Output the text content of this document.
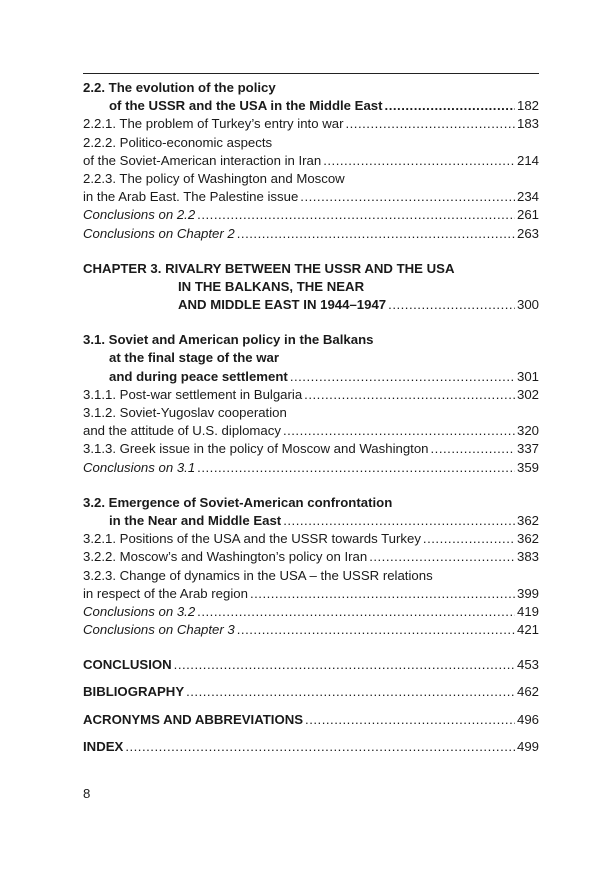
2.2. The evolution of the policy
of the USSR and the USA in the Middle East .....	182
2.2.1. The problem of Turkey’s entry into war .....	183
2.2.2. Politico-economic aspects
of the Soviet-American interaction in Iran .....	214
2.2.3. The policy of Washington and Moscow
in the Arab East. The Palestine issue .....	234
Conclusions on 2.2 .....	261
Conclusions on Chapter 2 .....	263
CHAPTER 3. RIVALRY BETWEEN THE USSR AND THE USA
IN THE BALKANS, THE NEAR
AND MIDDLE EAST IN 1944–1947 .....	300
3.1. Soviet and American policy in the Balkans
at the final stage of the war
and during peace settlement .....	301
3.1.1. Post-war settlement in Bulgaria .....	302
3.1.2. Soviet-Yugoslav cooperation
and the attitude of U.S. diplomacy .....	320
3.1.3. Greek issue in the policy of Moscow and Washington .....	337
Conclusions on 3.1 .....	359
3.2. Emergence of Soviet-American confrontation
in the Near and Middle East .....	362
3.2.1. Positions of the USA and the USSR towards Turkey .....	362
3.2.2. Moscow’s and Washington’s policy on Iran .....	383
3.2.3. Change of dynamics in the USA – the USSR relations
in respect of the Arab region .....	399
Conclusions on 3.2 .....	419
Conclusions on Chapter 3 .....	421
CONCLUSION .....	453
BIBLIOGRAPHY .....	462
ACRONYMS AND ABBREVIATIONS .....	496
INDEX .....	499
8
